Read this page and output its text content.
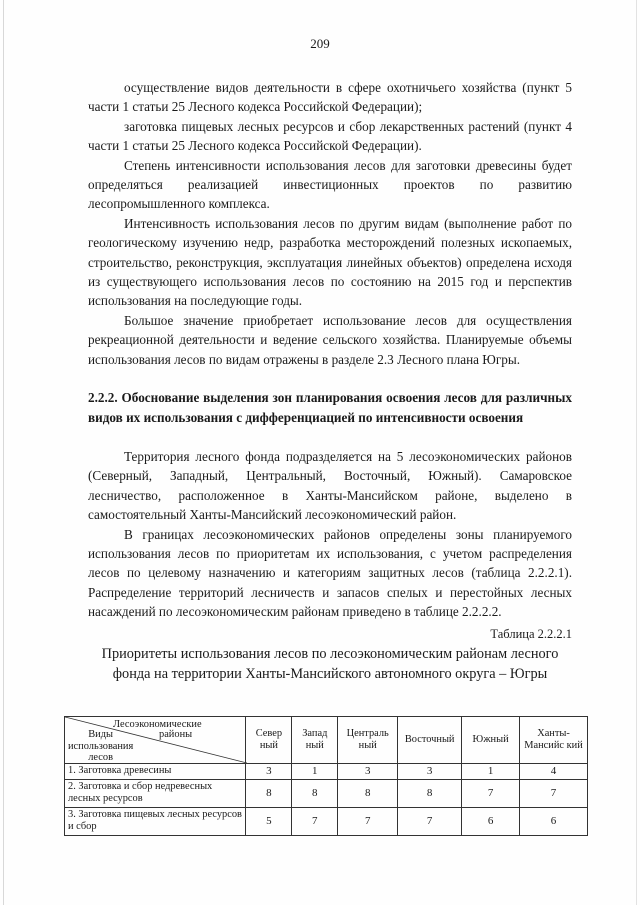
209

осуществление видов деятельности в сфере охотничьего хозяйства (пункт 5 части 1 статьи 25 Лесного кодекса Российской Федерации);

заготовка пищевых лесных ресурсов и сбор лекарственных растений (пункт 4 части 1 статьи 25 Лесного кодекса Российской Федерации).

Степень интенсивности использования лесов для заготовки древесины будет определяться реализацией инвестиционных проектов по развитию лесопромышленного комплекса.

Интенсивность использования лесов по другим видам (выполнение работ по геологическому изучению недр, разработка месторождений полезных ископаемых, строительство, реконструкция, эксплуатация линейных объектов) определена исходя из существующего использования лесов по состоянию на 2015 год и перспектив использования на последующие годы.

Большое значение приобретает использование лесов для осуществления рекреационной деятельности и ведение сельского хозяйства. Планируемые объемы использования лесов по видам отражены в разделе 2.3 Лесного плана Югры.

2.2.2. Обоснование выделения зон планирования освоения лесов для различных видов их использования с дифференциацией по интенсивности освоения

Территория лесного фонда подразделяется на 5 лесоэкономических районов (Северный, Западный, Центральный, Восточный, Южный). Самаровское лесничество, расположенное в Ханты-Мансийском районе, выделено в самостоятельный Ханты-Мансийский лесоэкономический район.

В границах лесоэкономических районов определены зоны планируемого использования лесов по приоритетам их использования, с учетом распределения лесов по целевому назначению и категориям защитных лесов (таблица 2.2.2.1). Распределение территорий лесничеств и запасов спелых и перестойных лесных насаждений по лесоэкономическим районам приведено в таблице 2.2.2.2.

Таблица 2.2.2.1
Приоритеты использования лесов по лесоэкономическим районам лесного фонда на территории Ханты-Мансийского автономного округа – Югры
Лесоэкономические
районы
Виды
использования
лесов	Север ный	Запад ный	Централь ный	Восточный	Южный	Ханты-Мансийс кий
1. Заготовка древесины	3	1	3	3	1	4
2. Заготовка и сбор недревесных лесных ресурсов	8	8	8	8	7	7
3. Заготовка пищевых лесных ресурсов и сбор	5	7	7	7	6	6
